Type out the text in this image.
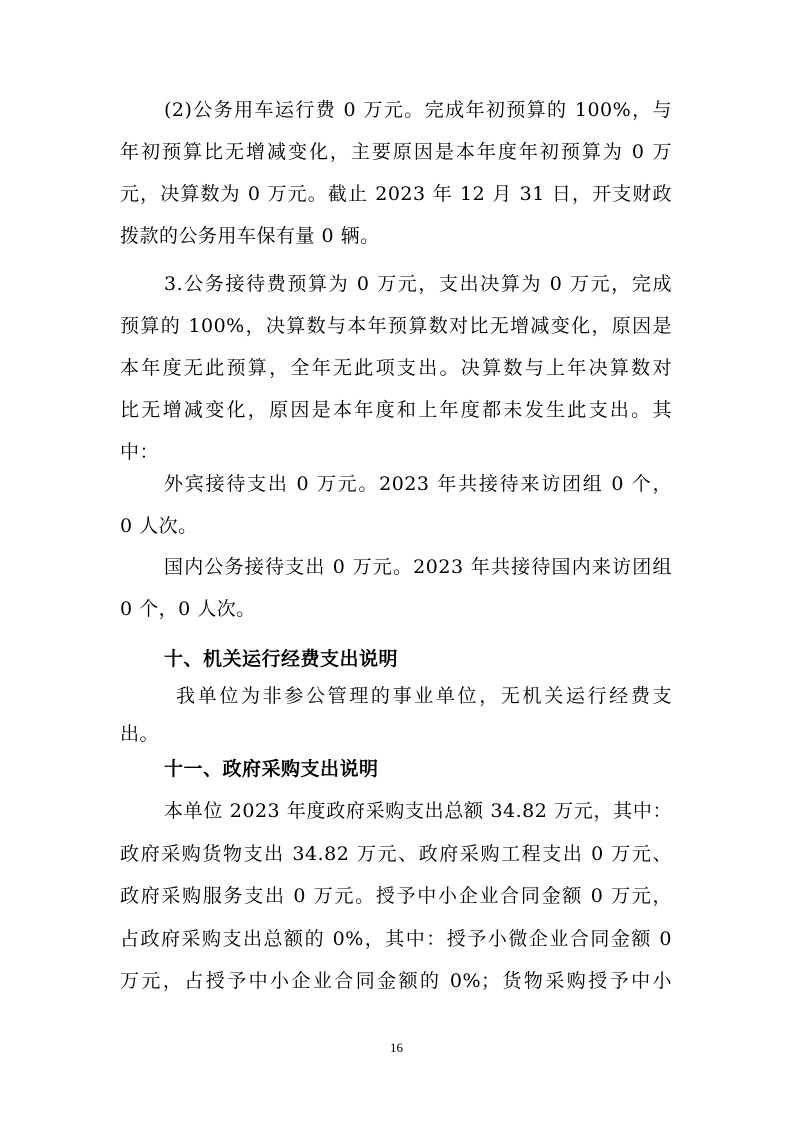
(2)公务用车运行费 0 万元。完成年初预算的 100%，与
年初预算比无增减变化，主要原因是本年度年初预算为 0 万
元，决算数为 0 万元。截止 2023 年 12 月 31 日，开支财政
拨款的公务用车保有量 0 辆。
3.公务接待费预算为 0 万元，支出决算为 0 万元，完成
预算的 100%，决算数与本年预算数对比无增减变化，原因是
本年度无此预算，全年无此项支出。决算数与上年决算数对
比无增减变化，原因是本年度和上年度都未发生此支出。其
中：
外宾接待支出 0 万元。2023 年共接待来访团组 0 个，
0 人次。
国内公务接待支出 0 万元。2023 年共接待国内来访团组
0 个，0 人次。
十、机关运行经费支出说明
我单位为非参公管理的事业单位，无机关运行经费支
出。
十一、政府采购支出说明
本单位 2023 年度政府采购支出总额 34.82 万元，其中：
政府采购货物支出 34.82 万元、政府采购工程支出 0 万元、
政府采购服务支出 0 万元。授予中小企业合同金额 0 万元，
占政府采购支出总额的 0%，其中：授予小微企业合同金额 0
万元，占授予中小企业合同金额的 0%；货物采购授予中小
16
